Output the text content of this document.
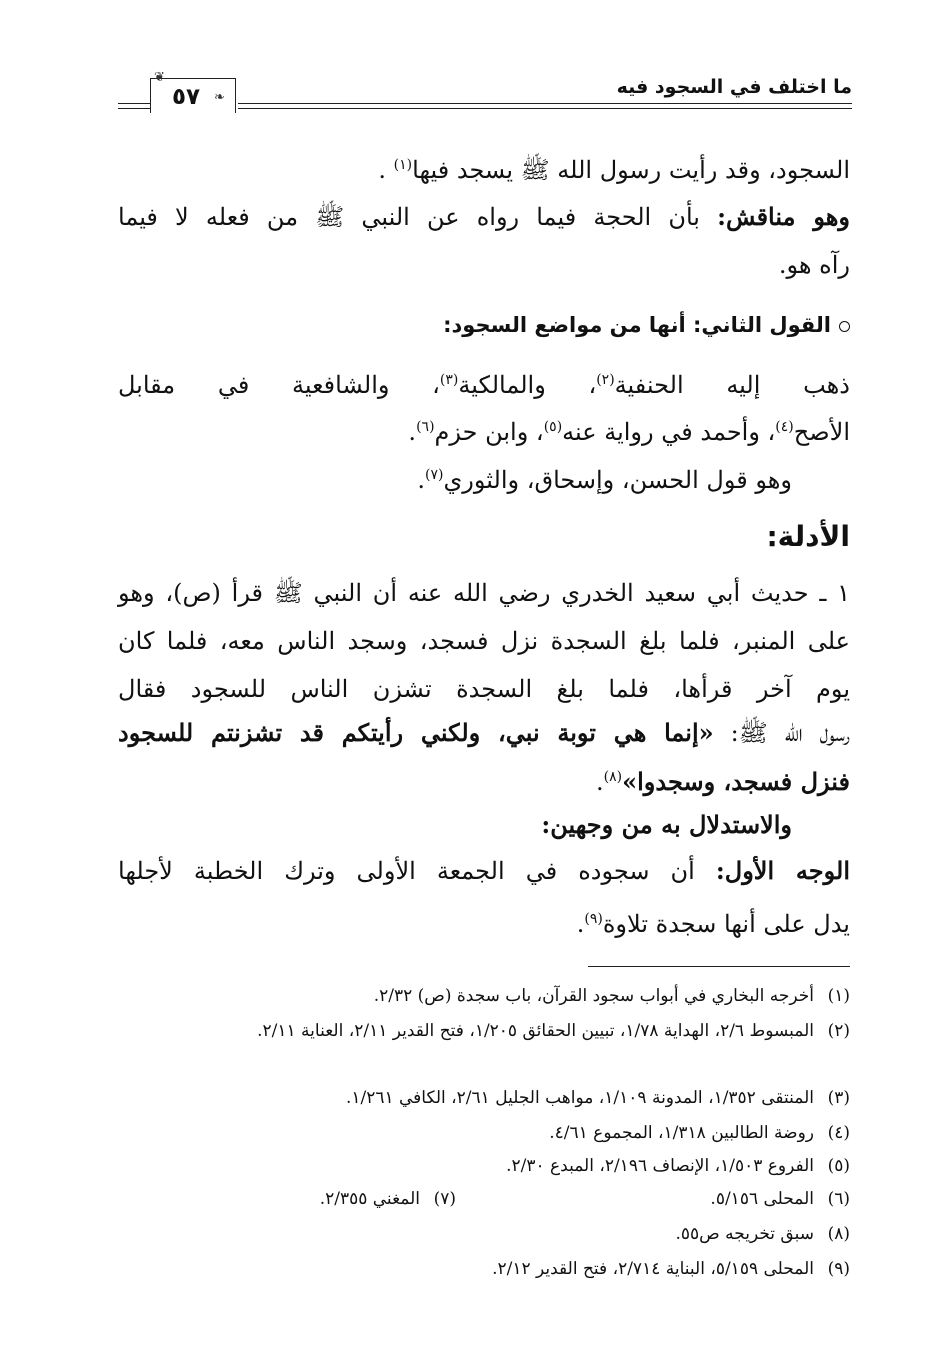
ما اختلف في السجود فيه
❦
❧
٥٧
السجود، وقد رأيت رسول الله ﷺ يسجد فيها$^{(١)}$ .
وهو مناقش: بأن الحجة فيما رواه عن النبي ﷺ من فعله لا فيما
رآه هو.
القول الثاني: أنها من مواضع السجود:
ذهب إليه الحنفية$^{(٢)}$، والمالكية$^{(٣)}$، والشافعية في مقابل
الأصح$^{(٤)}$، وأحمد في رواية عنه$^{(٥)}$، وابن حزم$^{(٦)}$.
وهو قول الحسن، وإسحاق، والثوري$^{(٧)}$.
الأدلة:
١ ـ حديث أبي سعيد الخدري رضي الله عنه أن النبي ﷺ قرأ (ص)، وهو
على المنبر، فلما بلغ السجدة نزل فسجد، وسجد الناس معه، فلما كان
يوم آخر قرأها، فلما بلغ السجدة تشزن الناس للسجود فقال
رسول الله ﷺ: «إنما هي توبة نبي، ولكني رأيتكم قد تشزنتم للسجود
فنزل فسجد، وسجدوا»$^{(٨)}$.
والاستدلال به من وجهين:
الوجه الأول: أن سجوده في الجمعة الأولى وترك الخطبة لأجلها
يدل على أنها سجدة تلاوة$^{(٩)}$.
(١)أخرجه البخاري في أبواب سجود القرآن، باب سجدة (ص) ٢/٣٢.
(٢)المبسوط ٢/٦، الهداية ١/٧٨، تبيين الحقائق ١/٢٠٥، فتح القدير ٢/١١، العناية ٢/١١.
(٣)المنتقى ١/٣٥٢، المدونة ١/١٠٩، مواهب الجليل ٢/٦١، الكافي ١/٢٦١.
(٤)روضة الطالبين ١/٣١٨، المجموع ٤/٦١.
(٥)الفروع ١/٥٠٣، الإنصاف ٢/١٩٦، المبدع ٢/٣٠.
(٦)المحلى ٥/١٥٦.
(٧)المغني ٢/٣٥٥.
(٨)سبق تخريجه ص٥٥.
(٩)المحلى ٥/١٥٩، البناية ٢/٧١٤، فتح القدير ٢/١٢.
